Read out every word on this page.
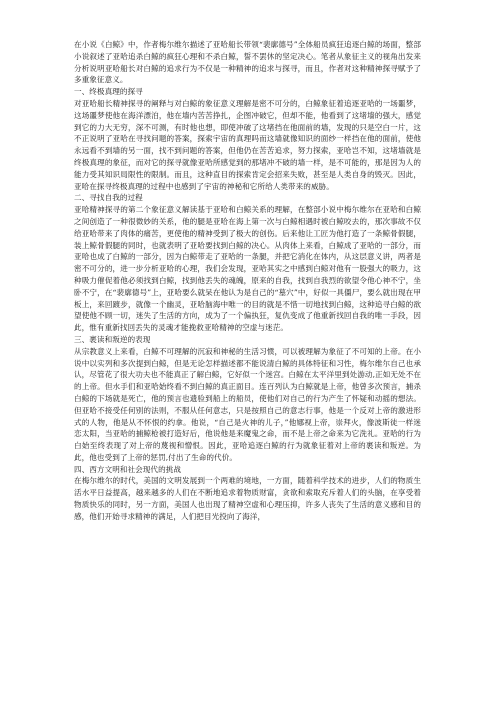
在小说《白鲸》中，作者梅尔维尔描述了亚哈船长带领“裴廓德号”全体船员疯狂追逐白鲸的场面，整部小说叙述了亚哈追杀白鲸的疯狂心理和不杀白鲸，誓不罢休的坚定决心。笔者从象征主义的视角出发来分析说明亚哈船长对白鲸的追求行为不仅是一种精神的追求与探寻，而且，作者对这种精神探寻赋予了多重象征意义。

一、终极真理的探寻

对亚哈船长精神探寻的阐释与对白鲸的象征意义理解是密不可分的，白鲸象征着追逐亚哈的一场噩梦，这场噩梦使他在海洋漂泊，他在墙内苦苦挣扎，企图冲破它，但却不能，他看到了这堵墙的强大，感觉到它的力大无穷，深不可测，有时他也想，即使冲破了这堵挡在他面前的墙，发现的只是空白一片，这不正说明了亚哈在寻找问题的答案，探索宇宙的真理吗而这墙就像知识的面纱一样挡在他的面前，使他永远看不到墙的另一面，找不到问题的答案，但他仍在苦苦追求，努力探索，亚哈岂不知，这堵墙就是终极真理的象征，而对它的探寻就像亚哈所感觉到的那堵冲不破的墙一样，是不可能的，那是因为人的能力受其知识局限性的限制。而且，这种直目的探索肯定会招来失败，甚至是人类自身的毁灭。因此，亚哈在探寻终极真理的过程中也感到了宇宙的神秘和它所给人类带来的威胁。

二、寻找自我的过程

亚哈精神探寻的第二个象征意义解读基于亚哈和白鲸关系的理解，在整部小说中梅尔维尔在亚哈和白鲸之间创造了一种很微妙的关系，他的腿是亚哈在海上第一次与白鲸相遇时被白鲸咬去的，那次事故不仅给亚哈带来了肉体的痛苦，更使他的精神受到了极大的创伤。后来他让工匠为他打造了一条鲸骨假腿，装上鲸骨假腿的同时，也就表明了亚哈要找到白鲸的决心。从肉体上来看，白鲸成了亚哈的一部分，而亚哈也成了白鲸的一部分，因为白鲸带走了亚哈的一条腿，并把它消化在体内，从这层意义讲，两者是密不可分的，进一步分析亚哈的心理，我们会发现，亚哈其实之中感到白鲸对他有一股强大的吸力，这种吸力催促着他必须找到白鲸，找到他丢失的魂魄，原来的自我，找到自我烈的欲望令他心神不宁，坐卧不宁，在“裴廓德号”上，亚哈要么就呆在他认为是自己的“墓穴”中，好似一具僵尸，要么就出现在甲板上，来回踱步，就像一个幽灵，亚哈脑海中唯一的目的就是不惜一切地找到白鲸，这种追寻白鲸的欲望使他不顾一切，迷失了生活的方向，成为了一个偏执狂，复仇变成了他重新找回自我的唯一手段，因此，惟有重新找回丢失的灵魂才能挽救亚哈精神的空虚与迷茫。

三、裹读和叛逆的表现

从宗教意义上来看，白鲸不可理解的沉寂和神秘的生活习惯，可以被理解为象征了不可知的上帝。在小说中以实列和多次提到白鲸，但是无论怎样描述都不能说清白鲸的具体特征和习性，梅尔维尔自己也承认，尽管花了很大功夫也不能真正了解白鲸，它好似一个迷宫。白鲸在太平洋里到处游动,正如无处不在的上帝。但水手们和亚哈始终看不到白鲸的真正面目。连百列认为白鲸就是上帝，他曾多次预言，捕杀白鲸的下场就是死亡，他的预言也遗验到船上的船员，使他们对自己的行为产生了怀疑和动摇的想法。但亚哈不接受任何别的法则，不服从任何意志，只是按照自己的意志行事，他是一个反对上帝的激进形式的人物，他是从不怀恨的约拿。他说，“自己是火神的儿子，”他娜视上帝，崇拜火，像波斯徒一样迷恋太阳，当亚哈的捕鲸枪被打造好后，他说他是来魔鬼之命，而不是上帝之命来为它洗礼。亚哈的行为白始至终表现了对上帝的蔑视和憎恨。因此，亚哈追逐白鲸的行为就象征着对上帝的裹读和叛逆。为此，他也受到了上帝的惩罚,付出了生命的代价。

四、西方文明和社会现代的挑战

在梅尔维尔的时代，美国的文明发展到一个两难的境地，一方面，随着科学技术的进步，人们的物质生活水平日益提高，越来越多的人们在不断地追求着物质财富，贪欲和索取充斥着人们的头脑，在享受着物质快乐的同时，另一方面，美国人也出现了精神空虚和心理压抑，许多人丧失了生活的意义感和目的感，他们开始寻求精神的满足，人们把目光投向了海洋，
